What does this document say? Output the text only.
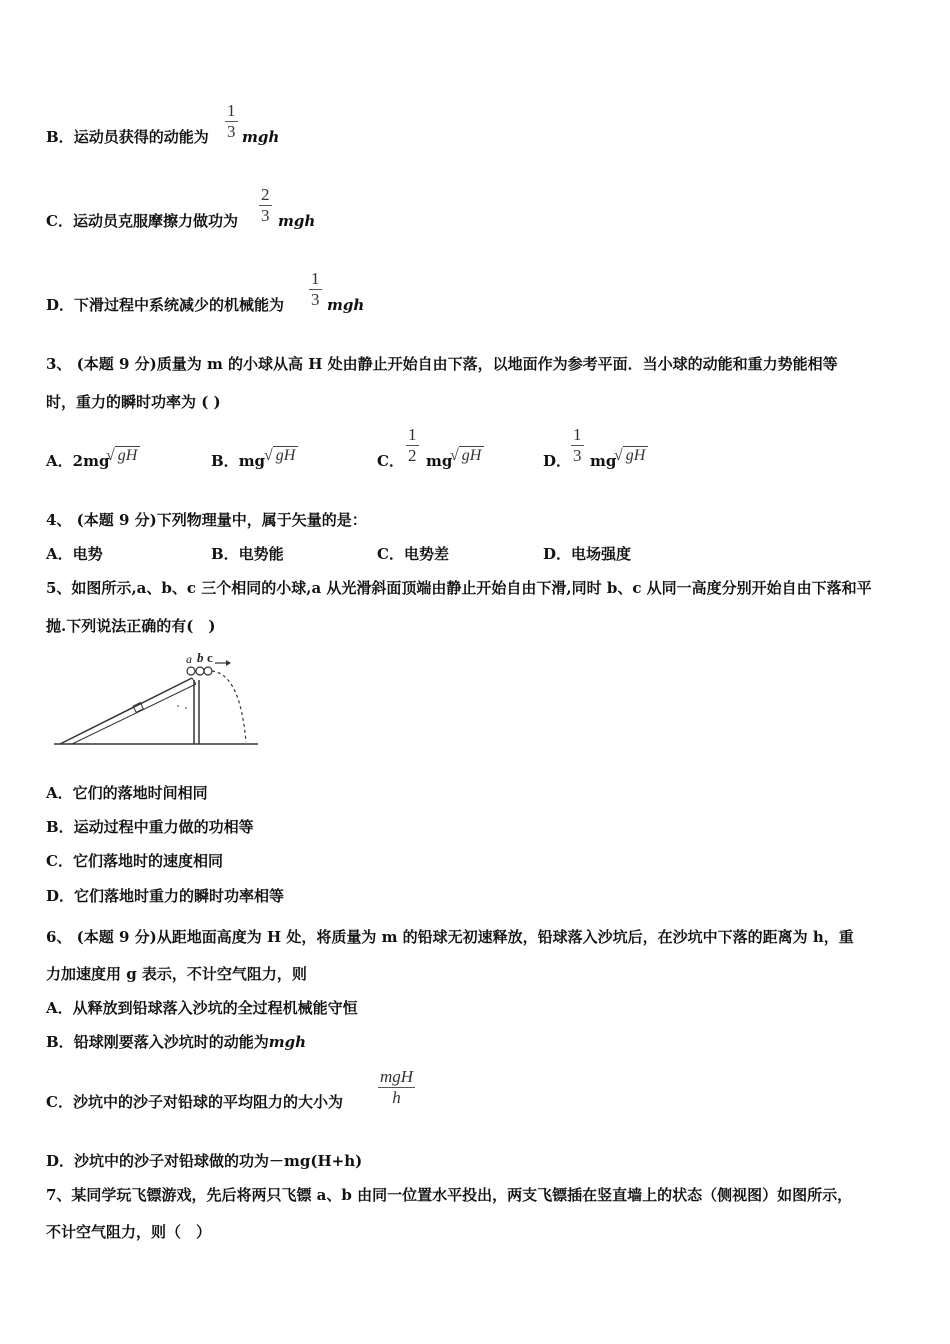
B．运动员获得的动能为 $\frac{1}{3}$ mgh
C．运动员克服摩擦力做功为 $\frac{2}{3}$ mgh
D．下滑过程中系统减少的机械能为 $\frac{1}{3}$ mgh
3、 (本题 9 分)质量为 m 的小球从高 H 处由静止开始自由下落，以地面作为参考平面．当小球的动能和重力势能相等
时，重力的瞬时功率为 ( )
A．2mg
√ gH	B．mg
√ gH	C． $\frac{1}{2}$ mg
√ gH	D． $\frac{1}{3}$ mg
√ gH
4、 (本题 9 分)下列物理量中，属于矢量的是：
A．电势	B．电势能	C．电势差	D．电场强度
5、如图所示,a、b、c 三个相同的小球,a 从光滑斜面顶端由静止开始自由下滑,同时 b、c 从同一高度分别开始自由下落和平
抛.下列说法正确的有(　)
a b c
A．它们的落地时间相同
B．运动过程中重力做的功相等
C．它们落地时的速度相同
D．它们落地时重力的瞬时功率相等
6、 (本题 9 分)从距地面高度为 H 处，将质量为 m 的铅球无初速释放，铅球落入沙坑后，在沙坑中下落的距离为 h，重
力加速度用 g 表示，不计空气阻力，则
A．从释放到铅球落入沙坑的全过程机械能守恒
B．铅球刚要落入沙坑时的动能为mgh
C．沙坑中的沙子对铅球的平均阻力的大小为
mgH
h
D．沙坑中的沙子对铅球做的功为－mg(H+h)
7、某同学玩飞镖游戏，先后将两只飞镖 a、b 由同一位置水平投出，两支飞镖插在竖直墙上的状态（侧视图）如图所示，
不计空气阻力，则（　）
